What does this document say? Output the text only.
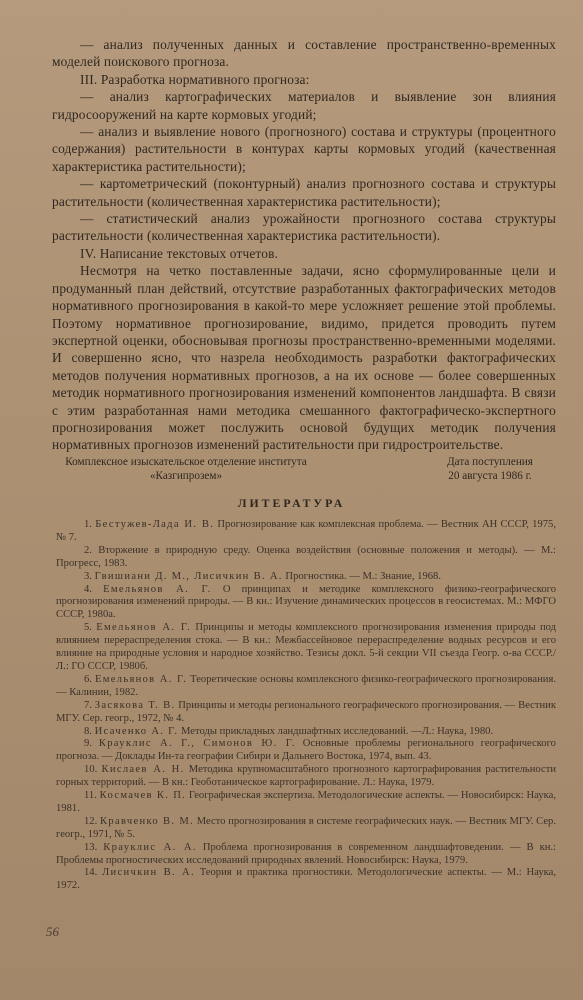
— анализ полученных данных и составление пространственно-временных моделей поискового прогноза.

III. Разработка нормативного прогноза:

— анализ картографических материалов и выявление зон влияния гидросооружений на карте кормовых угодий;

— анализ и выявление нового (прогнозного) состава и структуры (процентного содержания) растительности в контурах карты кормовых угодий (качественная характеристика растительности);

— картометрический (поконтурный) анализ прогнозного состава и структуры растительности (количественная характеристика растительности);

— статистический анализ урожайности прогнозного состава структуры растительности (количественная характеристика растительности).

IV. Написание текстовых отчетов.

Несмотря на четко поставленные задачи, ясно сформулированные цели и продуманный план действий, отсутствие разработанных фактографических методов нормативного прогнозирования в какой-то мере усложняет решение этой проблемы. Поэтому нормативное прогнозирование, видимо, придется проводить путем экспертной оценки, обосновывая прогнозы пространственно-временными моделями. И совершенно ясно, что назрела необходимость разработки фактографических методов получения нормативных прогнозов, а на их основе — более совершенных методик нормативного прогнозирования изменений компонентов ландшафта. В связи с этим разработанная нами методика смешанного фактографическо-экспертного прогнозирования может послужить основой будущих методик получения нормативных прогнозов изменений растительности при гидростроительстве.

Комплексное изыскательское отделение института «Казгипрозем»
Дата поступления
20 августа 1986 г.
ЛИТЕРАТУРА

1. Бестужев-Лада И. В. Прогнозирование как комплексная проблема. — Вестник АН СССР, 1975, № 7.

2. Вторжение в природную среду. Оценка воздействия (основные положения и методы). — М.: Прогресс, 1983.

3. Гвишиани Д. М., Лисичкин В. А. Прогностика. — М.: Знание, 1968.

4. Емельянов А. Г. О принципах и методике комплексного физико-географического прогнозирования изменений природы. — В кн.: Изучение динамических процессов в геосистемах. М.: МФГО СССР, 1980а.

5. Емельянов А. Г. Принципы и методы комплексного прогнозирования изменения природы под влиянием перераспределения стока. — В кн.: Межбассейновое перераспределение водных ресурсов и его влияние на природные условия и народное хозяйство. Тезисы докл. 5-й секции VII съезда Геогр. о-ва СССР./Л.: ГО СССР, 1980б.

6. Емельянов А. Г. Теоретические основы комплексного физико-географического прогнозирования. — Калинин, 1982.

7. Засякова Т. В. Принципы и методы регионального географического прогнозирования. — Вестник МГУ. Сер. геогр., 1972, № 4.

8. Исаченко А. Г. Методы прикладных ландшафтных исследований. —Л.: Наука, 1980.

9. Крауклис А. Г., Симонов Ю. Г. Основные проблемы регионального географического прогноза. — Доклады Ин-та географии Сибири и Дальнего Востока, 1974, вып. 43.

10. Кислаев А. Н. Методика крупномасштабного прогнозного картографирования растительности горных территорий. — В кн.: Геоботаническое картографирование. Л.: Наука, 1979.

11. Космачев К. П. Географическая экспертиза. Методологические аспекты. — Новосибирск: Наука, 1981.

12. Кравченко В. М. Место прогнозирования в системе географических наук. — Вестник МГУ. Сер. геогр., 1971, № 5.

13. Крауклис А. А. Проблема прогнозирования в современном ландшафтоведении. — В кн.: Проблемы прогностических исследований природных явлений. Новосибирск: Наука, 1979.

14. Лисичкин В. А. Теория и практика прогностики. Методологические аспекты. — М.: Наука, 1972.

56
